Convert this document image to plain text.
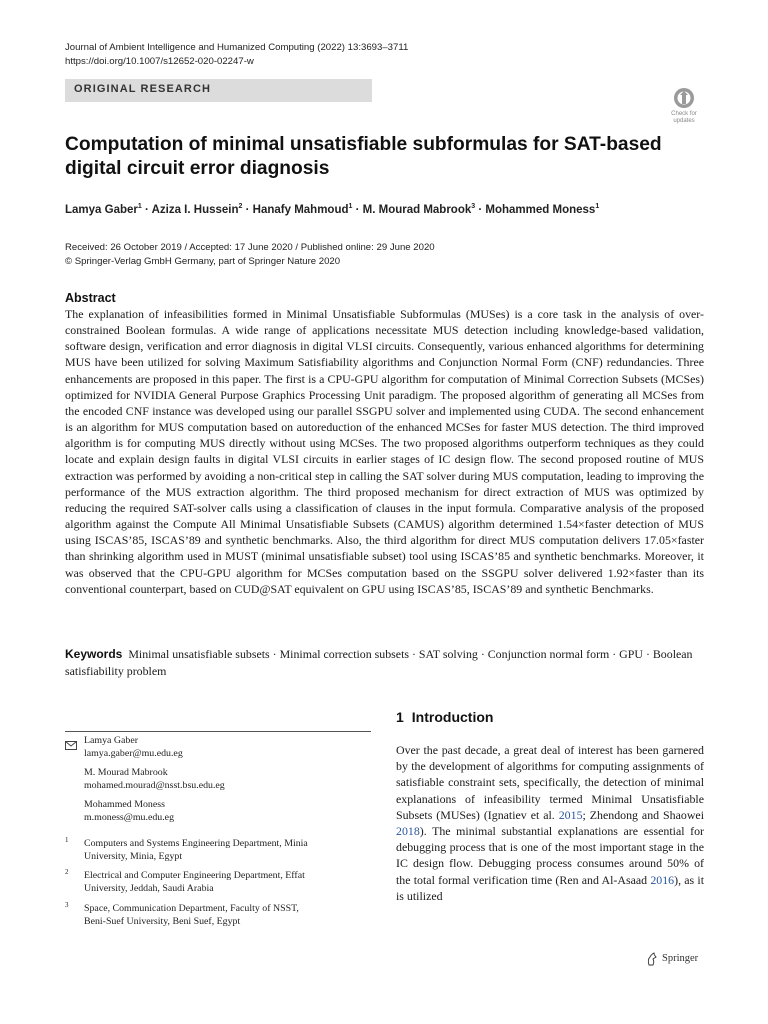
Journal of Ambient Intelligence and Humanized Computing (2022) 13:3693–3711
https://doi.org/10.1007/s12652-020-02247-w
ORIGINAL RESEARCH
Check for
updates
Computation of minimal unsatisfiable subformulas for SAT-based
digital circuit error diagnosis
Lamya Gaber$^1$ · Aziza I. Hussein$^2$ · Hanafy Mahmoud$^1$ · M. Mourad Mabrook$^3$ · Mohammed Moness$^1$
Received: 26 October 2019 / Accepted: 17 June 2020 / Published online: 29 June 2020
© Springer-Verlag GmbH Germany, part of Springer Nature 2020
Abstract
The explanation of infeasibilities formed in Minimal Unsatisfiable Subformulas (MUSes) is a core task in the analysis of over-constrained Boolean formulas. A wide range of applications necessitate MUS detection including knowledge-based validation, software design, verification and error diagnosis in digital VLSI circuits. Consequently, various enhanced algorithms for determining MUS have been utilized for solving Maximum Satisfiability algorithms and Conjunction Normal Form (CNF) redundancies. Three enhancements are proposed in this paper. The first is a CPU-GPU algorithm for computation of Minimal Correction Subsets (MCSes) optimized for NVIDIA General Purpose Graphics Processing Unit paradigm. The proposed algorithm of generating all MCSes from the encoded CNF instance was developed using our parallel SSGPU solver and implemented using CUDA. The second enhancement is an algorithm for MUS computation based on autoreduction of the enhanced MCSes for faster MUS detection. The third improved algorithm is for computing MUS directly without using MCSes. The two proposed algorithms outperform techniques as they could locate and explain design faults in digital VLSI circuits in earlier stages of IC design flow. The second proposed routine of MUS extraction was performed by avoiding a non-critical step in calling the SAT solver during MUS computation, leading to improving the performance of the MUS extraction algorithm. The third proposed mechanism for direct extraction of MUS was optimized by reducing the required SAT-solver calls using a classification of clauses in the input formula. Comparative analysis of the proposed algorithm against the Compute All Minimal Unsatisfiable Subsets (CAMUS) algorithm determined 1.54×faster detection of MUS using ISCAS’85, ISCAS’89 and synthetic benchmarks. Also, the third algorithm for direct MUS computation delivers 17.05×faster than shrinking algorithm used in MUST (minimal unsatisfiable subset) tool using ISCAS’85 and synthetic benchmarks. Moreover, it was observed that the CPU-GPU algorithm for MCSes computation based on the SSGPU solver delivered 1.92×faster than its conventional counterpart, based on CUD@SAT equivalent on GPU using ISCAS’85, ISCAS’89 and synthetic Benchmarks.
Keywords Minimal unsatisfiable subsets · Minimal correction subsets · SAT solving · Conjunction normal form · GPU · Boolean satisfiability problem
Lamya Gaber
lamya.gaber@mu.edu.eg
M. Mourad Mabrook
mohamed.mourad@nsst.bsu.edu.eg
Mohammed Moness
m.moness@mu.edu.eg
1 Computers and Systems Engineering Department, Minia
University, Minia, Egypt
2 Electrical and Computer Engineering Department, Effat
University, Jeddah, Saudi Arabia
3 Space, Communication Department, Faculty of NSST,
Beni-Suef University, Beni Suef, Egypt
1 Introduction
Over the past decade, a great deal of interest has been garnered by the development of algorithms for computing assignments of satisfiable constraint sets, specifically, the detection of minimal explanations of infeasibility termed Minimal Unsatisfiable Subsets (MUSes) (Ignatiev et al. 2015; Zhendong and Shaowei 2018). The minimal substantial explanations are essential for debugging process that is one of the most important stage in the IC design flow. Debugging process consumes around 50% of the total formal verification time (Ren and Al-Asaad 2016), as it is utilized
Springer
